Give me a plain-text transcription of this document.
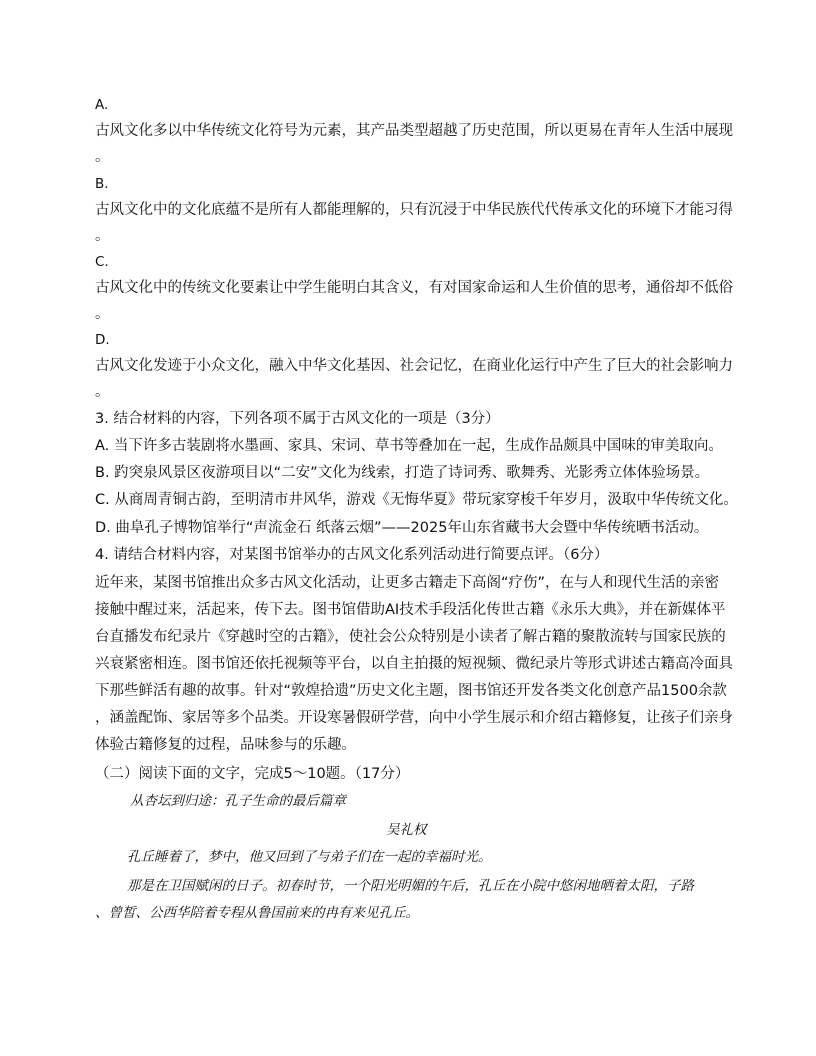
A.
古风文化多以中华传统文化符号为元素，其产品类型超越了历史范围，所以更易在青年人生活中展现
。
B.
古风文化中的文化底蕴不是所有人都能理解的，只有沉浸于中华民族代代传承文化的环境下才能习得
。
C.
古风文化中的传统文化要素让中学生能明白其含义，有对国家命运和人生价值的思考，通俗却不低俗
。
D.
古风文化发迹于小众文化，融入中华文化基因、社会记忆，在商业化运行中产生了巨大的社会影响力
。
3. 结合材料的内容，下列各项不属于古风文化的一项是（3分）
A. 当下许多古装剧将水墨画、家具、宋词、草书等叠加在一起，生成作品颇具中国味的审美取向。
B. 趵突泉风景区夜游项目以“二安”文化为线索，打造了诗词秀、歌舞秀、光影秀立体体验场景。
C. 从商周青铜古韵，至明清市井风华，游戏《无悔华夏》带玩家穿梭千年岁月，汲取中华传统文化。
D. 曲阜孔子博物馆举行“声流金石 纸落云烟”——2025年山东省藏书大会暨中华传统晒书活动。
4. 请结合材料内容，对某图书馆举办的古风文化系列活动进行简要点评。（6分）
近年来，某图书馆推出众多古风文化活动，让更多古籍走下高阁“疗伤”，在与人和现代生活的亲密
接触中醒过来，活起来，传下去。图书馆借助AI技术手段活化传世古籍《永乐大典》，并在新媒体平
台直播发布纪录片《穿越时空的古籍》，使社会公众特别是小读者了解古籍的聚散流转与国家民族的
兴衰紧密相连。图书馆还依托视频等平台，以自主拍摄的短视频、微纪录片等形式讲述古籍高冷面具
下那些鲜活有趣的故事。针对“敦煌拾遗”历史文化主题，图书馆还开发各类文化创意产品1500余款
，涵盖配饰、家居等多个品类。开设寒暑假研学营，向中小学生展示和介绍古籍修复，让孩子们亲身
体验古籍修复的过程，品味参与的乐趣。
（二）阅读下面的文字，完成5～10题。（17分）
从杏坛到归途：孔子生命的最后篇章
吴礼权
孔丘睡着了，梦中，他又回到了与弟子们在一起的幸福时光。
那是在卫国赋闲的日子。初春时节，一个阳光明媚的午后，孔丘在小院中悠闲地晒着太阳，子路
、曾皙、公西华陪着专程从鲁国前来的冉有来见孔丘。
